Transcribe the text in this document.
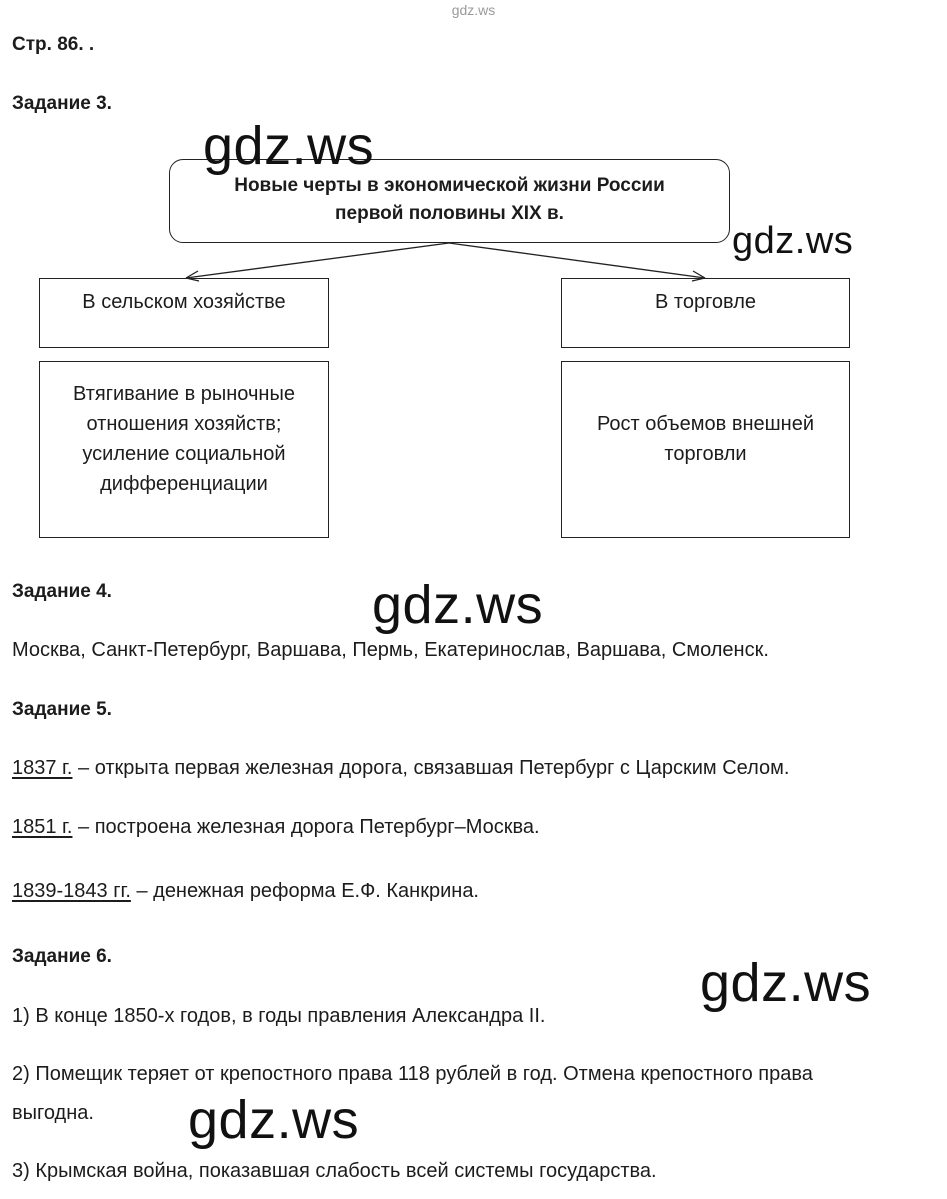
gdz.ws
Стр. 86. .
Задание 3.
Новые черты в экономической жизни России
первой половины XIX в.
В сельском хозяйстве	В торговле
Втягивание в рыночные
отношения хозяйств;
усиление социальной
дифференциации
Рост объемов внешней
торговли
Задание 4.
Москва, Санкт-Петербург, Варшава, Пермь, Екатеринослав, Варшава, Смоленск.
Задание 5.
1837 г. – открыта первая железная дорога, связавшая Петербург с Царским Селом.
1851 г. – построена железная дорога Петербург–Москва.
1839-1843 гг. – денежная реформа Е.Ф. Канкрина.
Задание 6.
1) В конце 1850-х годов, в годы правления Александра II.
2) Помещик теряет от крепостного права 118 рублей в год. Отмена крепостного права
выгодна.
3) Крымская война, показавшая слабость всей системы государства.
gdz.ws
gdz.ws
gdz.ws
gdz.ws
gdz.ws
